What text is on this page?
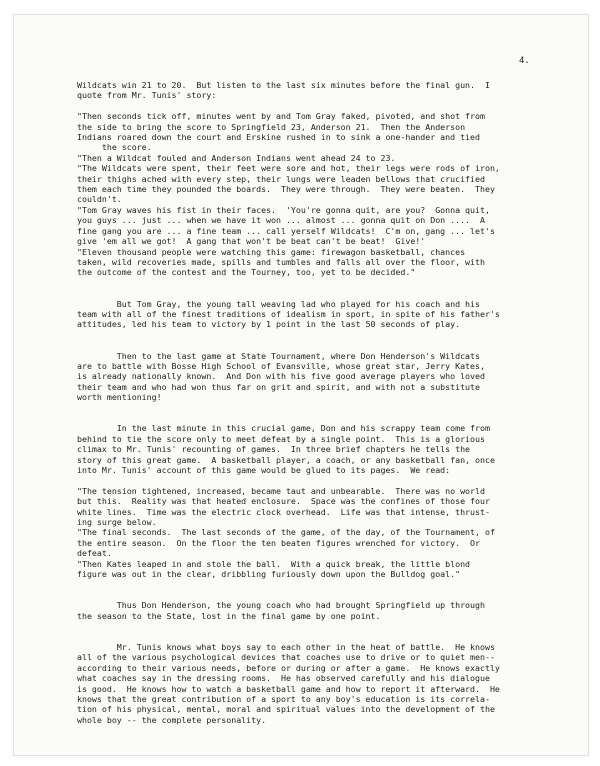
4.
Wildcats win 21 to 20.  But listen to the last six minutes before the final gun.  I
quote from Mr. Tunis' story:

"Then seconds tick off, minutes went by and Tom Gray faked, pivoted, and shot from
the side to bring the score to Springfield 23, Anderson 21.  Then the Anderson
Indians roared down the court and Erskine rushed in to sink a one-hander and tied
the score.
"Then a Wildcat fouled and Anderson Indians went ahead 24 to 23.
"The Wildcats were spent, their feet were sore and hot, their legs were rods of iron,
their thighs ached with every step, their lungs were leaden bellows that crucified
them each time they pounded the boards.  They were through.  They were beaten.  They
couldn't.
"Tom Gray waves his fist in their faces.  'You're gonna quit, are you?  Gonna quit,
you guys ... just ... when we have it won ... almost ... gonna quit on Don ....  A
fine gang you are ... a fine team ... call yerself Wildcats!  C'm on, gang ... let's
give 'em all we got!  A gang that won't be beat can't be beat!  Give!'
"Eleven thousand people were watching this game: firewagon basketball, chances
taken, wild recoveries made, spills and tumbles and falls all over the floor, with
the outcome of the contest and the Tourney, too, yet to be decided."

But Tom Gray, the young tall weaving lad who played for his coach and his
team with all of the finest traditions of idealism in sport, in spite of his father's
attitudes, led his team to victory by 1 point in the last 50 seconds of play.

Then to the last game at State Tournament, where Don Henderson's Wildcats
are to battle with Bosse High School of Evansville, whose great star, Jerry Kates,
is already nationally known.  And Don with his five good average players who loved
their team and who had won thus far on grit and spirit, and with not a substitute
worth mentioning!

In the last minute in this crucial game, Don and his scrappy team come from
behind to tie the score only to meet defeat by a single point.  This is a glorious
climax to Mr. Tunis' recounting of games.  In three brief chapters he tells the
story of this great game.  A basketball player, a coach, or any basketball fan, once
into Mr. Tunis' account of this game would be glued to its pages.  We read:

"The tension tightened, increased, became taut and unbearable.  There was no world
but this.  Reality was that heated enclosure.  Space was the confines of those four
white lines.  Time was the electric clock overhead.  Life was that intense, thrust-
ing surge below.
"The final seconds.  The last seconds of the game, of the day, of the Tournament, of
the entire season.  On the floor the ten beaten figures wrenched for victory.  Or
defeat.
"Then Kates leaped in and stole the ball.  With a quick break, the little blond
figure was out in the clear, dribbling furiously down upon the Bulldog goal."

Thus Don Henderson, the young coach who had brought Springfield up through
the season to the State, lost in the final game by one point.

Mr. Tunis knows what boys say to each other in the heat of battle.  He knows
all of the various psychological devices that coaches use to drive or to quiet men--
according to their various needs, before or during or after a game.  He knows exactly
what coaches say in the dressing rooms.  He has observed carefully and his dialogue
is good.  He knows how to watch a basketball game and how to report it afterward.  He
knows that the great contribution of a sport to any boy's education is its correla-
tion of his physical, mental, moral and spiritual values into the development of the
whole boy -- the complete personality.
